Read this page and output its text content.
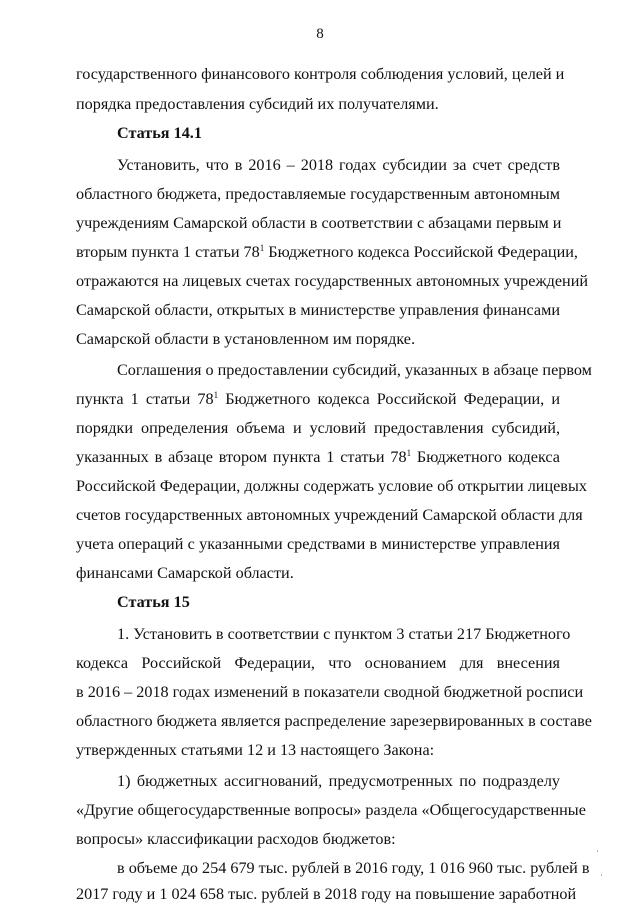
8
государственного финансового контроля соблюдения условий, целей и
порядка предоставления субсидий их получателями.
Статья 14.1
Установить, что в 2016 – 2018 годах субсидии за счет средств
областного бюджета, предоставляемые государственным автономным
учреждениям Самарской области в соответствии с абзацами первым и
вторым пункта 1 статьи $78^1$ Бюджетного кодекса Российской Федерации,
отражаются на лицевых счетах государственных автономных учреждений
Самарской области, открытых в министерстве управления финансами
Самарской области в установленном им порядке.
Соглашения о предоставлении субсидий, указанных в абзаце первом
пункта 1 статьи $78^1$ Бюджетного кодекса Российской Федерации, и
порядки определения объема и условий предоставления субсидий,
указанных в абзаце втором пункта 1 статьи $78^1$ Бюджетного кодекса
Российской Федерации, должны содержать условие об открытии лицевых
счетов государственных автономных учреждений Самарской области для
учета операций с указанными средствами в министерстве управления
финансами Самарской области.
Статья 15
1. Установить в соответствии с пунктом 3 статьи 217 Бюджетного
кодекса Российской Федерации, что основанием для внесения
в 2016 – 2018 годах изменений в показатели сводной бюджетной росписи
областного бюджета является распределение зарезервированных в составе
утвержденных статьями 12 и 13 настоящего Закона:
1) бюджетных ассигнований, предусмотренных по подразделу
«Другие общегосударственные вопросы» раздела «Общегосударственные
вопросы» классификации расходов бюджетов:
в объеме до 254 679 тыс. рублей в 2016 году, 1 016 960 тыс. рублей в
2017 году и 1 024 658 тыс. рублей в 2018 году на повышение заработной
·
·
